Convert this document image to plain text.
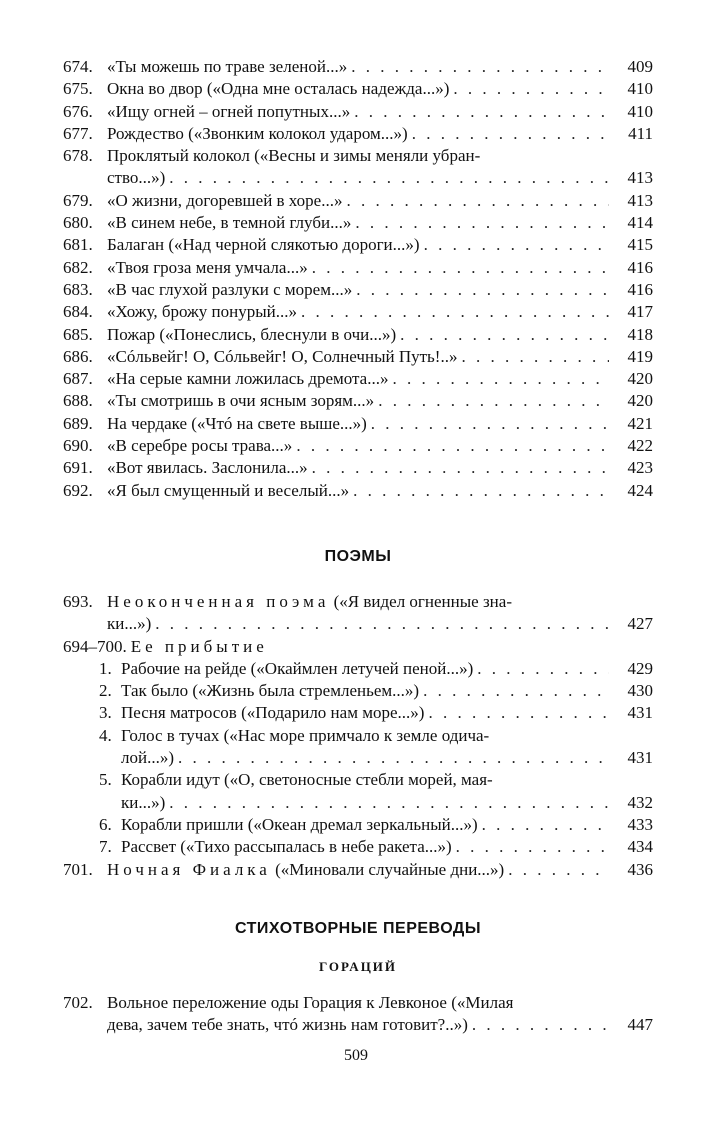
674. «Ты можешь по траве зеленой...» . . .	409
675. Окна во двор («Одна мне осталась надежда...») . . .	410
676. «Ищу огней – огней попутных...» . . .	410
677. Рождество («Звонким колокол ударом...») . . .	411
678. Проклятый колокол («Весны и зимы меняли убран-
ство...») . . .	413
679. «О жизни, догоревшей в хоре...» . . .	413
680. «В синем небе, в темной глуби...» . . .	414
681. Балаган («Над черной слякотью дороги...») . . .	415
682. «Твоя гроза меня умчала...» . . .	416
683. «В час глухой разлуки с морем...» . . .	416
684. «Хожу, брожу понурый...» . . .	417
685. Пожар («Понеслись, блеснули в очи...») . . .	418
686. «Сóльвейг! О, Сóльвейг! О, Солнечный Путь!..» . . .	419
687. «На серые камни ложилась дремота...» . . .	420
688. «Ты смотришь в очи ясным зорям...» . . .	420
689. На чердаке («Чтó на свете выше...») . . .	421
690. «В серебре росы трава...» . . .	422
691. «Вот явилась. Заслонила...» . . .	423
692. «Я был смущенный и веселый...» . . .	424
ПОЭМЫ
693. Неоконченная поэма («Я видел огненные зна-
ки...») . . .	427
694–700. Ее прибытие
1. Рабочие на рейде («Окаймлен летучей пеной...») . . .	429
2. Так было («Жизнь была стремленьем...») . . .	430
3. Песня матросов («Подарило нам море...») . . .	431
4. Голос в тучах («Нас море примчало к земле одича-
лой...») . . .	431
5. Корабли идут («О, светоносные стебли морей, мая-
ки...») . . .	432
6. Корабли пришли («Океан дремал зеркальный...») . . .	433
7. Рассвет («Тихо рассыпалась в небе ракета...») . . .	434
701. Ночная Фиалка («Миновали случайные дни...») . . .	436
СТИХОТВОРНЫЕ ПЕРЕВОДЫ
ГОРАЦИЙ
702. Вольное переложение оды Горация к Левконое («Милая
дева, зачем тебе знать, чтó жизнь нам готовит?..») . . .	447
509
